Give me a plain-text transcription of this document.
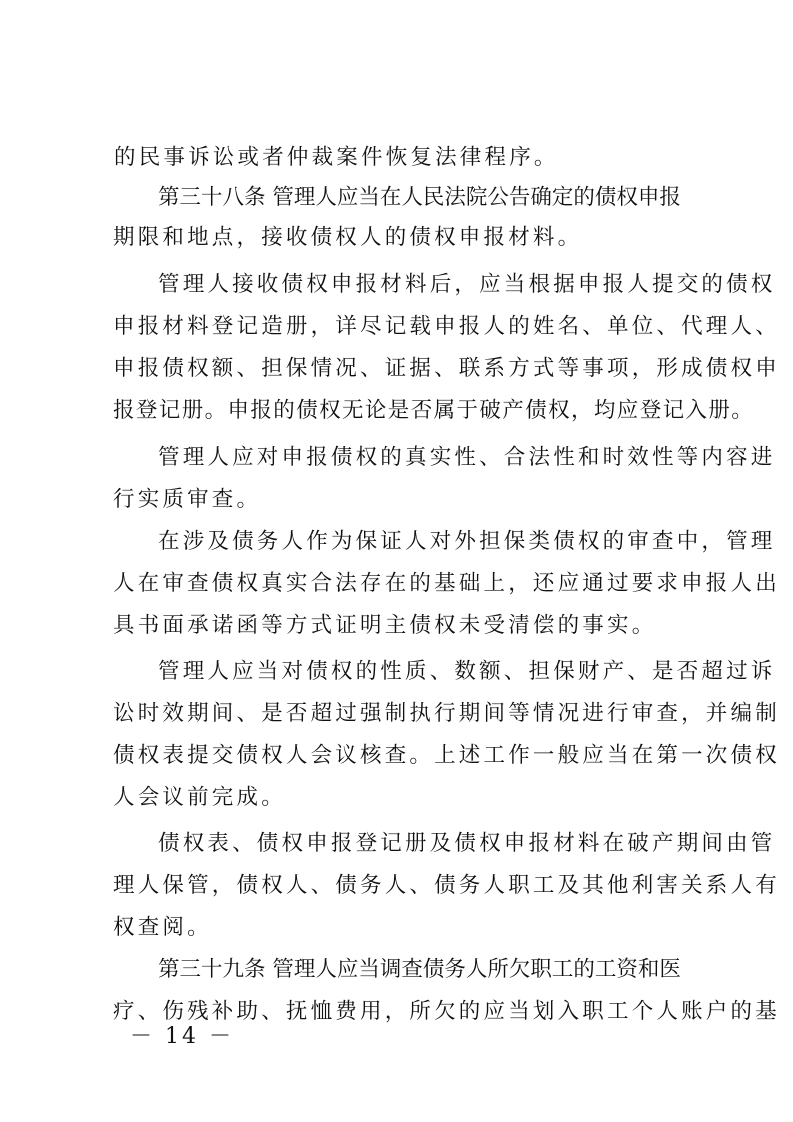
的民事诉讼或者仲裁案件恢复法律程序。
第三十八条 管理人应当在人民法院公告确定的债权申报
期限和地点，接收债权人的债权申报材料。
管理人接收债权申报材料后，应当根据申报人提交的债权
申报材料登记造册，详尽记载申报人的姓名、单位、代理人、
申报债权额、担保情况、证据、联系方式等事项，形成债权申
报登记册。申报的债权无论是否属于破产债权，均应登记入册。
管理人应对申报债权的真实性、合法性和时效性等内容进
行实质审查。
在涉及债务人作为保证人对外担保类债权的审查中，管理
人在审查债权真实合法存在的基础上，还应通过要求申报人出
具书面承诺函等方式证明主债权未受清偿的事实。
管理人应当对债权的性质、数额、担保财产、是否超过诉
讼时效期间、是否超过强制执行期间等情况进行审查，并编制
债权表提交债权人会议核查。上述工作一般应当在第一次债权
人会议前完成。
债权表、债权申报登记册及债权申报材料在破产期间由管
理人保管，债权人、债务人、债务人职工及其他利害关系人有
权查阅。
第三十九条 管理人应当调查债务人所欠职工的工资和医
疗、伤残补助、抚恤费用，所欠的应当划入职工个人账户的基
－ 14 －
